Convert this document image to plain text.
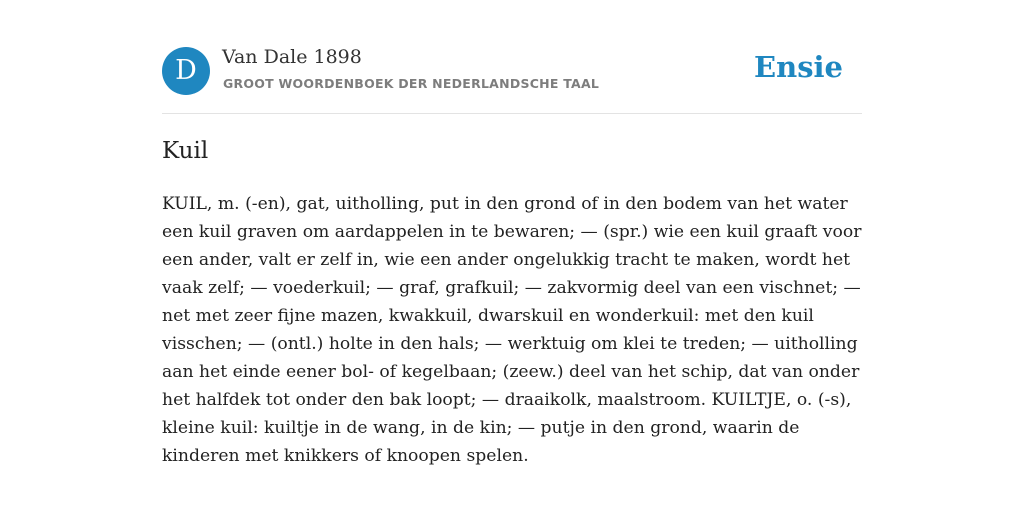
D	Van Dale 1898
GROOT WOORDENBOEK DER NEDERLANDSCHE TAAL	Ensie
Kuil

KUIL, m. (-en), gat, uitholling, put in den grond of in den bodem van het water een kuil graven om aardappelen in te bewaren; — (spr.) wie een kuil graaft voor een ander, valt er zelf in, wie een ander ongelukkig tracht te maken, wordt het vaak zelf; — voederkuil; — graf, grafkuil; — zakvormig deel van een vischnet; — net met zeer fijne mazen, kwakkuil, dwarskuil en wonderkuil: met den kuil visschen; — (ontl.) holte in den hals; — werktuig om klei te treden; — uitholling aan het einde eener bol- of kegelbaan; (zeew.) deel van het schip, dat van onder het halfdek tot onder den bak loopt; — draaikolk, maalstroom. KUILTJE, o. (-s), kleine kuil: kuiltje in de wang, in de kin; — putje in den grond, waarin de kinderen met knikkers of knoopen spelen.
